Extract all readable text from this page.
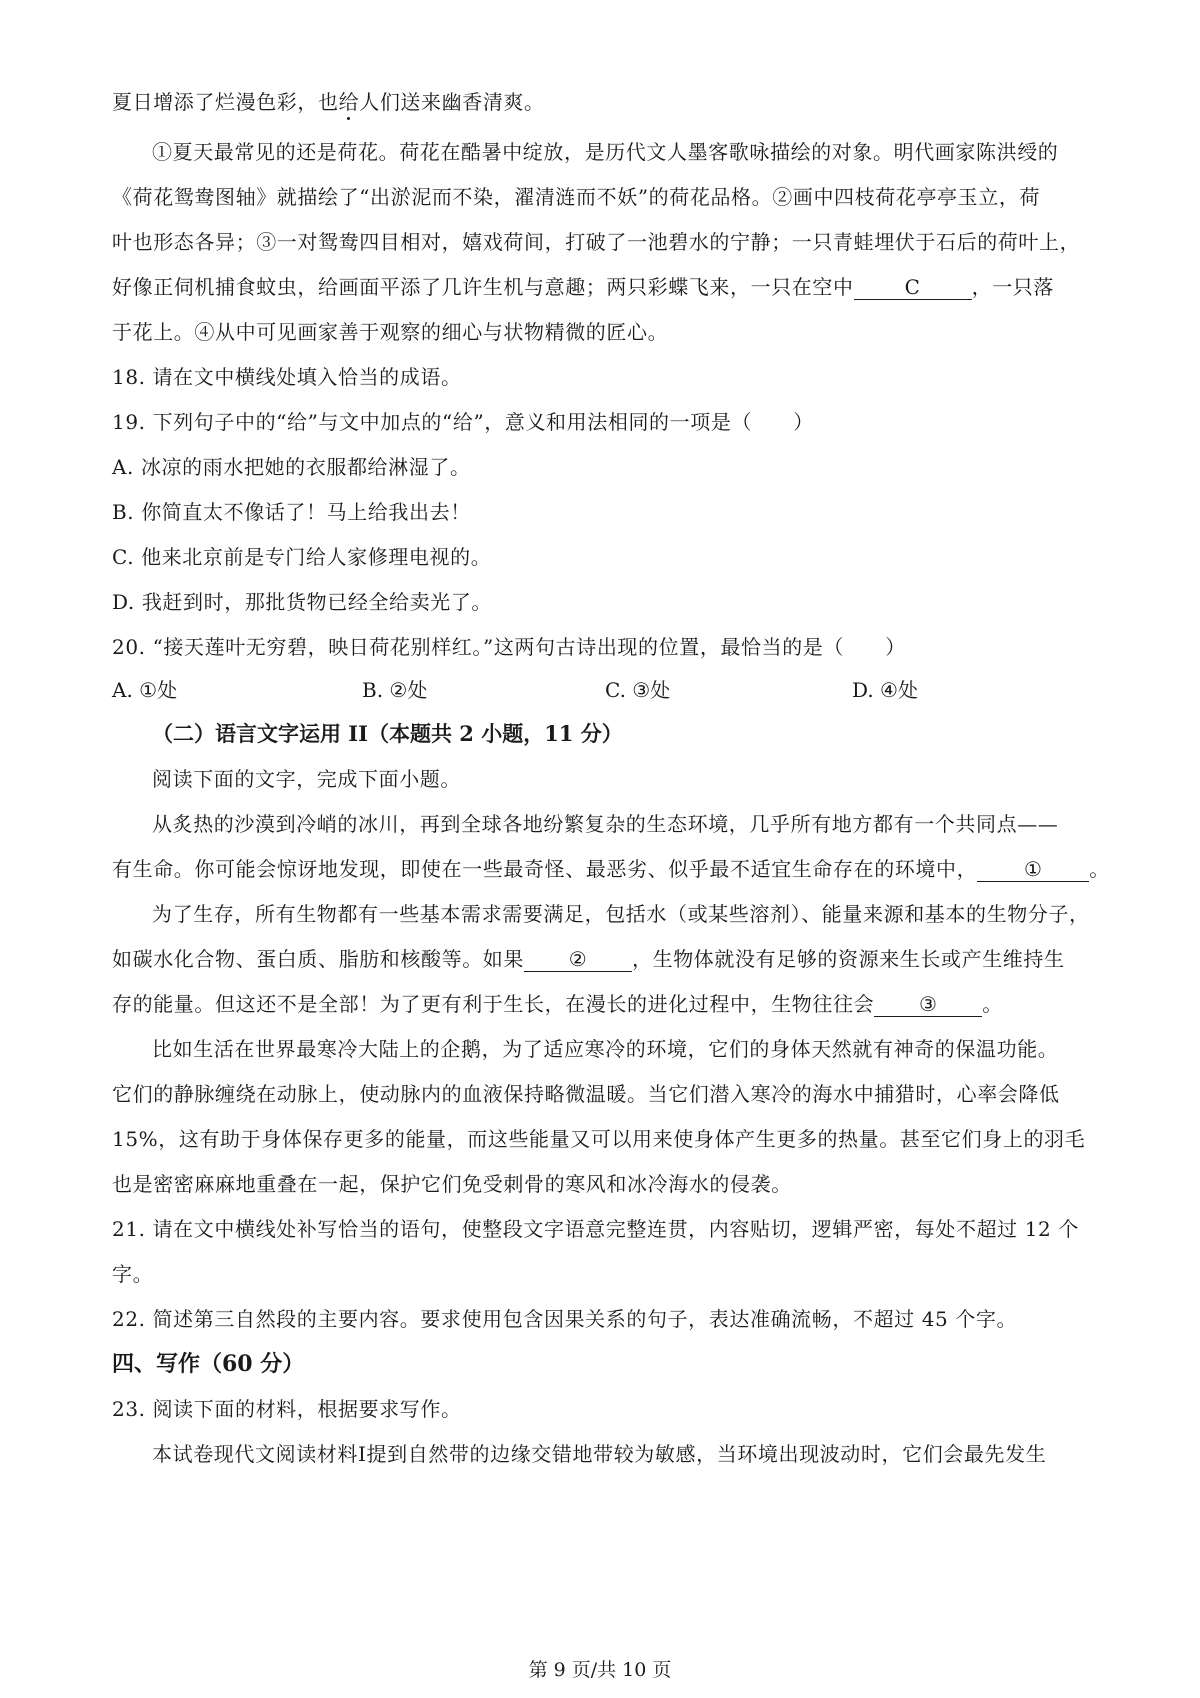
夏日增添了烂漫色彩，也给人们送来幽香清爽。
①夏天最常见的还是荷花。荷花在酷暑中绽放，是历代文人墨客歌咏描绘的对象。明代画家陈洪绶的
《荷花鸳鸯图轴》就描绘了“出淤泥而不染，濯清涟而不妖”的荷花品格。②画中四枝荷花亭亭玉立，荷
叶也形态各异；③一对鸳鸯四目相对，嬉戏荷间，打破了一池碧水的宁静；一只青蛙埋伏于石后的荷叶上，
好像正伺机捕食蚊虫，给画面平添了几许生机与意趣；两只彩蝶飞来，一只在空中	C	，一只落
于花上。④从中可见画家善于观察的细心与状物精微的匠心。
18. 请在文中横线处填入恰当的成语。
19. 下列句子中的“给”与文中加点的“给”，意义和用法相同的一项是（　　）
A. 冰凉的雨水把她的衣服都给淋湿了。
B. 你简直太不像话了！马上给我出去！
C. 他来北京前是专门给人家修理电视的。
D. 我赶到时，那批货物已经全给卖光了。
20. “接天莲叶无穷碧，映日荷花别样红。”这两句古诗出现的位置，最恰当的是（　　）
A. ①处	B. ②处	C. ③处	D. ④处
（二）语言文字运用 II（本题共 2 小题，11 分）
阅读下面的文字，完成下面小题。
从炙热的沙漠到冷峭的冰川，再到全球各地纷繁复杂的生态环境，几乎所有地方都有一个共同点——
有生命。你可能会惊讶地发现，即使在一些最奇怪、最恶劣、似乎最不适宜生命存在的环境中， ① 。
为了生存，所有生物都有一些基本需求需要满足，包括水（或某些溶剂）、能量来源和基本的生物分子，
如碳水化合物、蛋白质、脂肪和核酸等。如果 ② ，生物体就没有足够的资源来生长或产生维持生
存的能量。但这还不是全部！为了更有利于生长，在漫长的进化过程中，生物往往会 ③ 。
比如生活在世界最寒冷大陆上的企鹅，为了适应寒冷的环境，它们的身体天然就有神奇的保温功能。
它们的静脉缠绕在动脉上，使动脉内的血液保持略微温暖。当它们潜入寒冷的海水中捕猎时，心率会降低
15%，这有助于身体保存更多的能量，而这些能量又可以用来使身体产生更多的热量。甚至它们身上的羽毛
也是密密麻麻地重叠在一起，保护它们免受刺骨的寒风和冰冷海水的侵袭。
21. 请在文中横线处补写恰当的语句，使整段文字语意完整连贯，内容贴切，逻辑严密，每处不超过 12 个
字。
22. 简述第三自然段的主要内容。要求使用包含因果关系的句子，表达准确流畅，不超过 45 个字。
四、写作（60 分）
23. 阅读下面的材料，根据要求写作。
本试卷现代文阅读材料Ⅰ提到自然带的边缘交错地带较为敏感，当环境出现波动时，它们会最先发生
第 9 页/共 10 页
